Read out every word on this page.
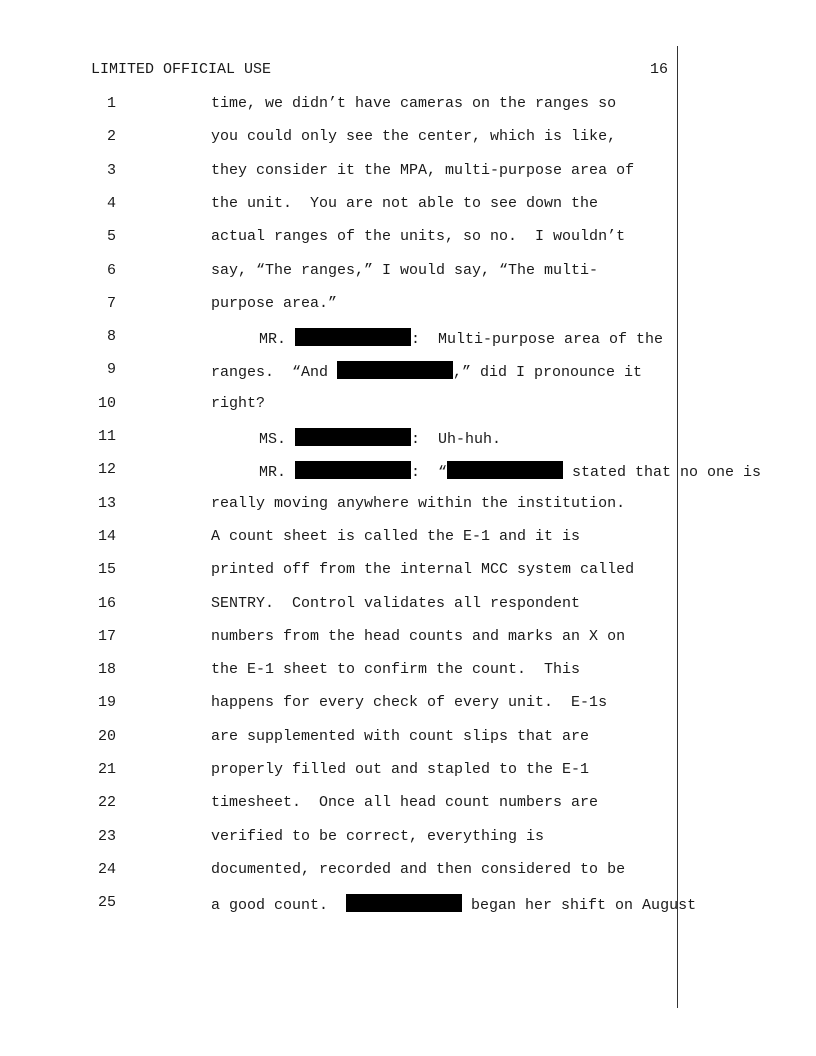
LIMITED OFFICIAL USE	16
1	time, we didn’t have cameras on the ranges so
2	you could only see the center, which is like,
3	they consider it the MPA, multi-purpose area of
4	the unit.  You are not able to see down the
5	actual ranges of the units, so no.  I wouldn’t
6	say, “The ranges,” I would say, “The multi-
7	purpose area.”
8	MR.	:  Multi-purpose area of the
9	ranges.  “And	,” did I pronounce it
10	right?
11	MS.	:  Uh-huh.
12	MR.	:  “	stated that no one is
13	really moving anywhere within the institution.
14	A count sheet is called the E-1 and it is
15	printed off from the internal MCC system called
16	SENTRY.  Control validates all respondent
17	numbers from the head counts and marks an X on
18	the E-1 sheet to confirm the count.  This
19	happens for every check of every unit.  E-1s
20	are supplemented with count slips that are
21	properly filled out and stapled to the E-1
22	timesheet.  Once all head count numbers are
23	verified to be correct, everything is
24	documented, recorded and then considered to be
25	a good count.	began her shift on August
